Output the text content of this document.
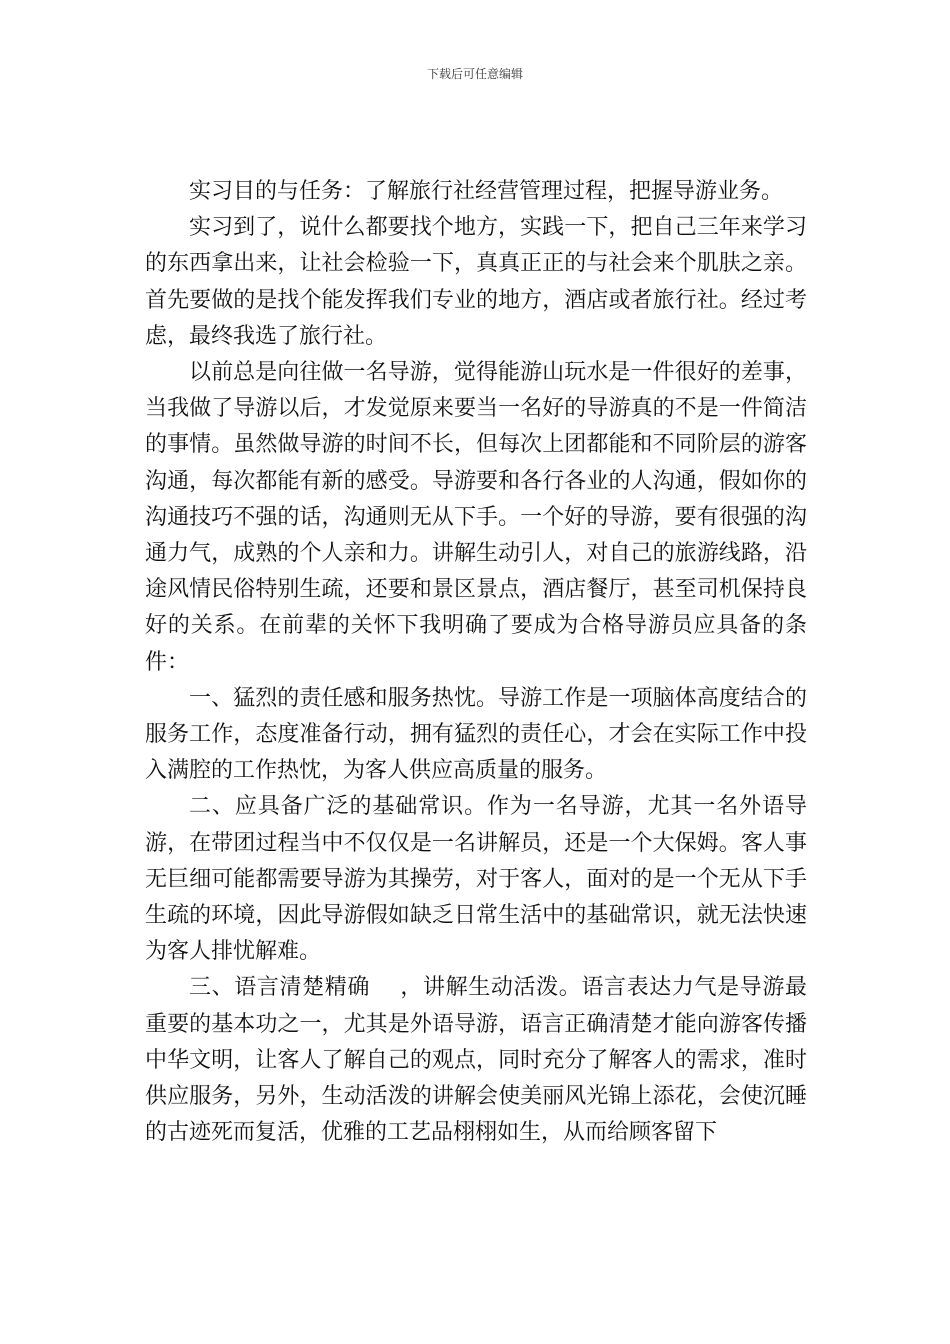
下载后可任意编辑

实习目的与任务：了解旅行社经营管理过程，把握导游业务。

实习到了，说什么都要找个地方，实践一下，把自己三年来学习的东西拿出来，让社会检验一下，真真正正的与社会来个肌肤之亲。首先要做的是找个能发挥我们专业的地方，酒店或者旅行社。经过考虑，最终我选了旅行社。

以前总是向往做一名导游，觉得能游山玩水是一件很好的差事，当我做了导游以后，才发觉原来要当一名好的导游真的不是一件简洁的事情。虽然做导游的时间不长，但每次上团都能和不同阶层的游客沟通，每次都能有新的感受。导游要和各行各业的人沟通，假如你的沟通技巧不强的话，沟通则无从下手。一个好的导游，要有很强的沟通力气，成熟的个人亲和力。讲解生动引人，对自己的旅游线路，沿途风情民俗特别生疏，还要和景区景点，酒店餐厅，甚至司机保持良好的关系。在前辈的关怀下我明确了要成为合格导游员应具备的条件：

一、猛烈的责任感和服务热忱。导游工作是一项脑体高度结合的服务工作，态度准备行动，拥有猛烈的责任心，才会在实际工作中投入满腔的工作热忱，为客人供应高质量的服务。

二、应具备广泛的基础常识。作为一名导游，尤其一名外语导游，在带团过程当中不仅仅是一名讲解员，还是一个大保姆。客人事无巨细可能都需要导游为其操劳，对于客人，面对的是一个无从下手生疏的环境，因此导游假如缺乏日常生活中的基础常识，就无法快速为客人排忧解难。

三、语言清楚精确    ，讲解生动活泼。语言表达力气是导游最重要的基本功之一，尤其是外语导游，语言正确清楚才能向游客传播中华文明，让客人了解自己的观点，同时充分了解客人的需求，准时供应服务，另外，生动活泼的讲解会使美丽风光锦上添花，会使沉睡的古迹死而复活，优雅的工艺品栩栩如生，从而给顾客留下
